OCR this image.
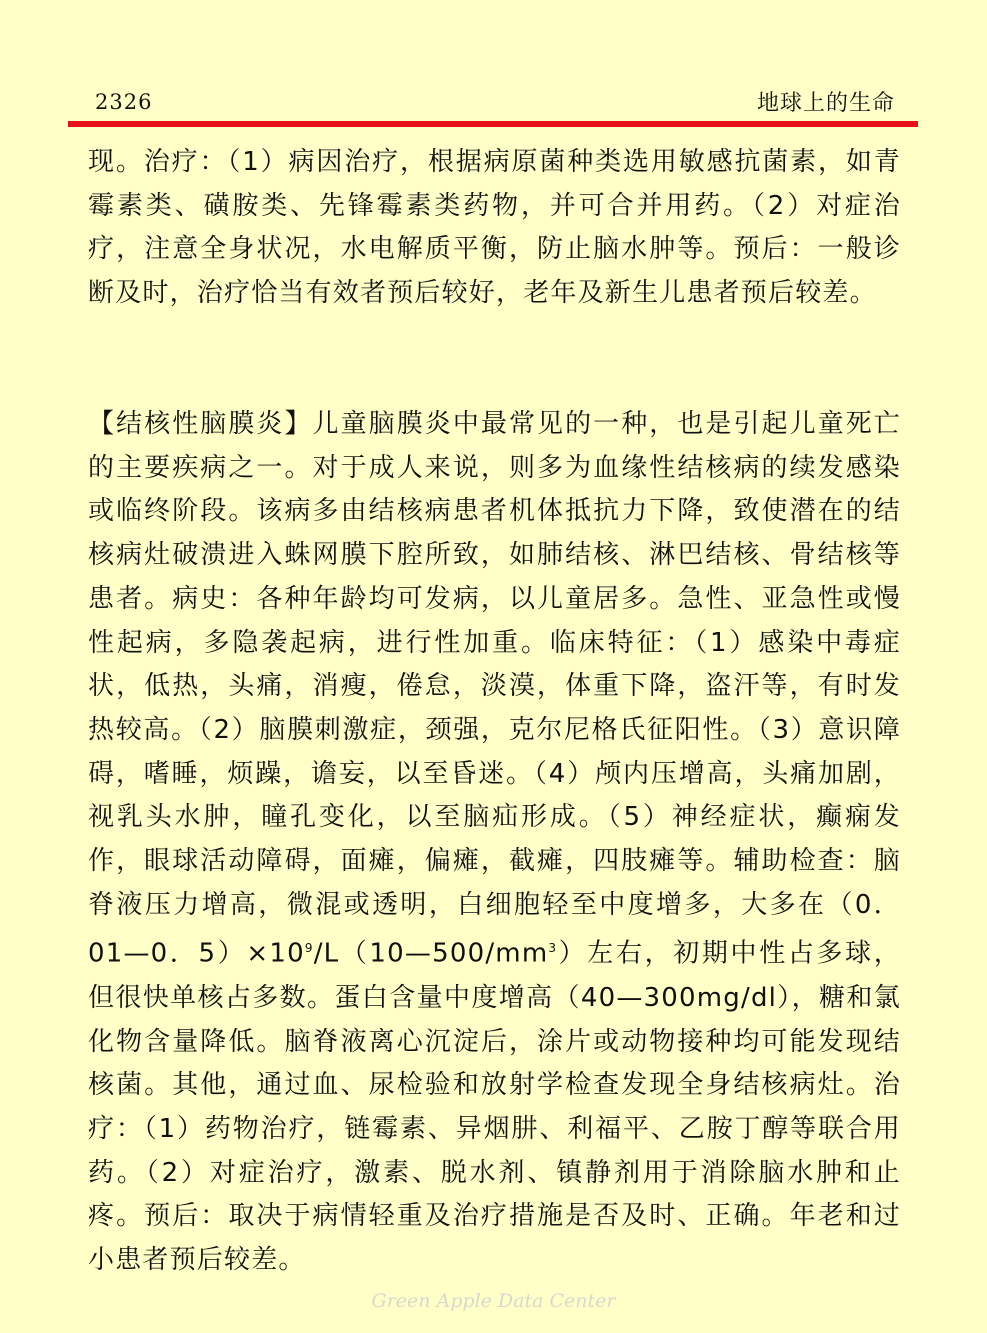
2326	地球上的生命

现。治疗：（1）病因治疗，根据病原菌种类选用敏感抗菌素，如青霉素类、磺胺类、先锋霉素类药物，并可合并用药。（2）对症治疗，注意全身状况，水电解质平衡，防止脑水肿等。预后：一般诊断及时，治疗恰当有效者预后较好，老年及新生儿患者预后较差。

【结核性脑膜炎】儿童脑膜炎中最常见的一种，也是引起儿童死亡的主要疾病之一。对于成人来说，则多为血缘性结核病的续发感染或临终阶段。该病多由结核病患者机体抵抗力下降，致使潜在的结核病灶破溃进入蛛网膜下腔所致，如肺结核、淋巴结核、骨结核等患者。病史：各种年龄均可发病，以儿童居多。急性、亚急性或慢性起病，多隐袭起病，进行性加重。临床特征：（1）感染中毒症状，低热，头痛，消瘦，倦怠，淡漠，体重下降，盗汗等，有时发热较高。（2）脑膜刺激症，颈强，克尔尼格氏征阳性。（3）意识障碍，嗜睡，烦躁，谵妄，以至昏迷。（4）颅内压增高，头痛加剧，视乳头水肿，瞳孔变化，以至脑疝形成。（5）神经症状，癫痫发作，眼球活动障碍，面瘫，偏瘫，截瘫，四肢瘫等。辅助检查：脑脊液压力增高，微混或透明，白细胞轻至中度增多，大多在（0．01—0．$5)\times 10^9/L(10—500/mm^3)$左右，初期中性占多球，但很快单核占多数。蛋白含量中度增高（40—300mg/dl），糖和氯化物含量降低。脑脊液离心沉淀后，涂片或动物接种均可能发现结核菌。其他，通过血、尿检验和放射学检查发现全身结核病灶。治疗：（1）药物治疗，链霉素、异烟肼、利福平、乙胺丁醇等联合用药。（2）对症治疗，激素、脱水剂、镇静剂用于消除脑水肿和止疼。预后：取决于病情轻重及治疗措施是否及时、正确。年老和过小患者预后较差。

Green Apple Data Center
